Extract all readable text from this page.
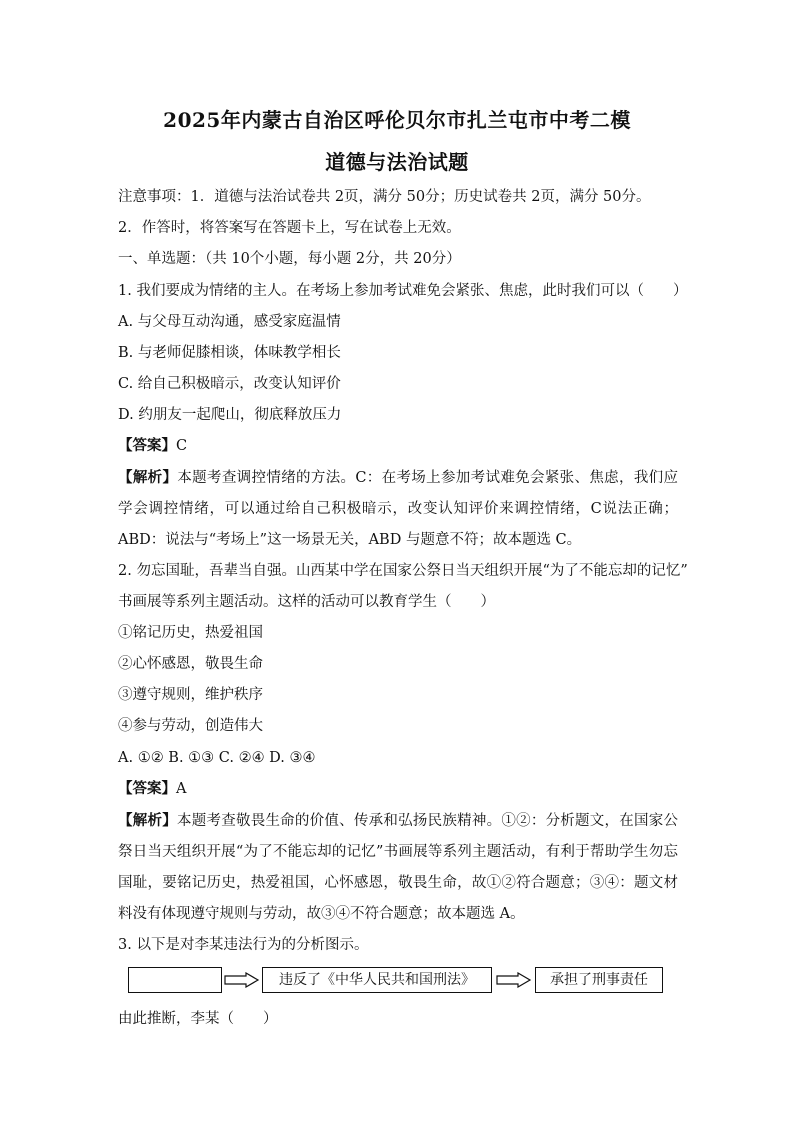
2025年内蒙古自治区呼伦贝尔市扎兰屯市中考二模
道德与法治试题
注意事项：1．道德与法治试卷共 2页，满分 50分；历史试卷共 2页，满分 50分。
2．作答时，将答案写在答题卡上，写在试卷上无效。
一、单选题：（共 10个小题，每小题 2分，共 20分）
1. 我们要成为情绪的主人。在考场上参加考试难免会紧张、焦虑，此时我们可以（　　）
A. 与父母互动沟通，感受家庭温情
B. 与老师促膝相谈，体味教学相长
C. 给自己积极暗示，改变认知评价
D. 约朋友一起爬山，彻底释放压力
【答案】C
【解析】本题考查调控情绪的方法。C：在考场上参加考试难免会紧张、焦虑，我们应学会调控情绪，可以通过给自己积极暗示，改变认知评价来调控情绪，C说法正确；ABD：说法与“考场上”这一场景无关，ABD 与题意不符；故本题选 C。
2. 勿忘国耻，吾辈当自强。山西某中学在国家公祭日当天组织开展“为了不能忘却的记忆”
书画展等系列主题活动。这样的活动可以教育学生（　　）
①铭记历史，热爱祖国
②心怀感恩，敬畏生命
③遵守规则，维护秩序
④参与劳动，创造伟大
A. ①② B. ①③ C. ②④ D. ③④
【答案】A
【解析】本题考查敬畏生命的价值、传承和弘扬民族精神。①②：分析题文，在国家公祭日当天组织开展“为了不能忘却的记忆”书画展等系列主题活动，有利于帮助学生勿忘国耻，要铭记历史，热爱祖国，心怀感恩，敬畏生命，故①②符合题意；③④：题文材料没有体现遵守规则与劳动，故③④不符合题意；故本题选 A。
3. 以下是对李某违法行为的分析图示。
违反了《中华人民共和国刑法》	承担了刑事责任
由此推断，李某（　　）
